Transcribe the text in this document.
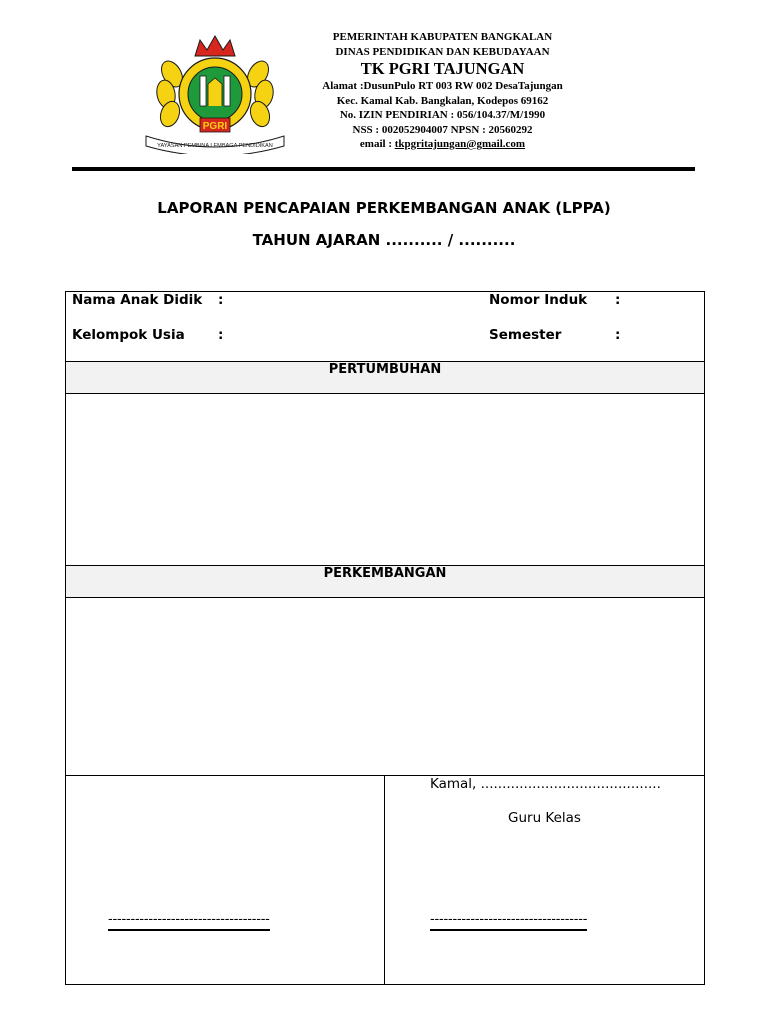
PGRI
YAYASAN PEMBINA LEMBAGA PENDIDIKAN
PEMERINTAH KABUPATEN BANGKALAN
DINAS PENDIDIKAN DAN KEBUDAYAAN
TK PGRI TAJUNGAN
Alamat :DusunPulo RT 003 RW 002 DesaTajungan
Kec. Kamal Kab. Bangkalan, Kodepos 69162
No. IZIN PENDIRIAN : 056/104.37/M/1990
NSS : 002052904007 NPSN : 20560292
email : tkpgritajungan@gmail.com
LAPORAN PENCAPAIAN PERKEMBANGAN ANAK (LPPA)
TAHUN AJARAN .......... / ..........
Nama Anak Didik :	Nomor Induk :
Kelompok Usia :	Semester	:
PERTUMBUHAN
PERKEMBANGAN
Kamal, ..........................................
Guru Kelas
------------------------------------	-----------------------------------
